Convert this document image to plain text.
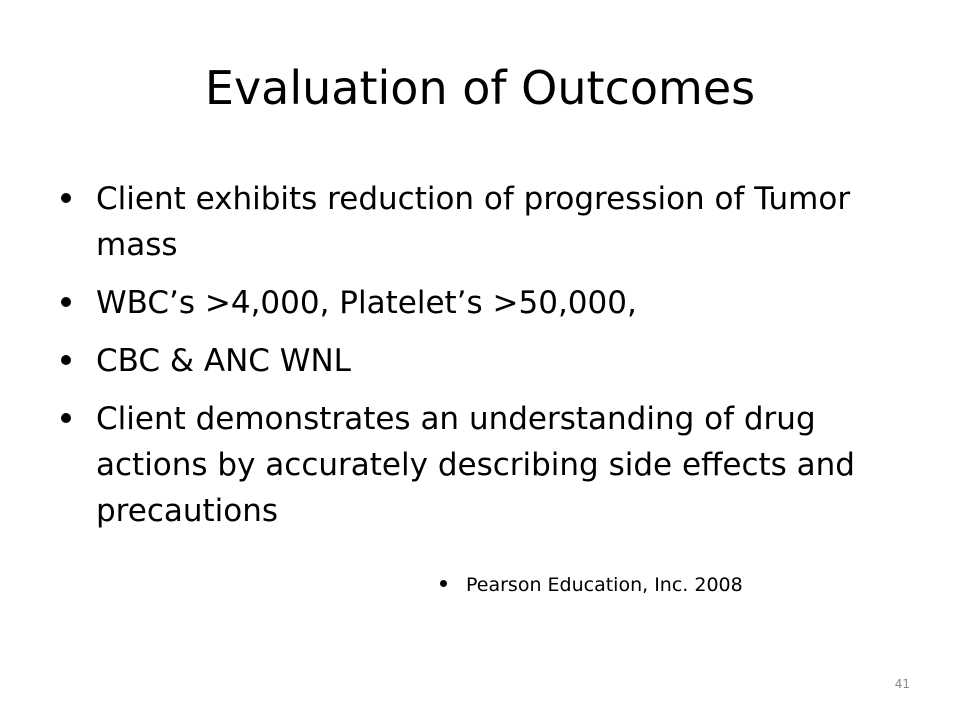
Evaluation of Outcomes
Client exhibits reduction of progression of Tumor mass
WBC’s >4,000, Platelet’s >50,000,
CBC & ANC WNL
Client demonstrates an understanding of drug actions by accurately describing side effects and precautions
Pearson Education, Inc. 2008
41
